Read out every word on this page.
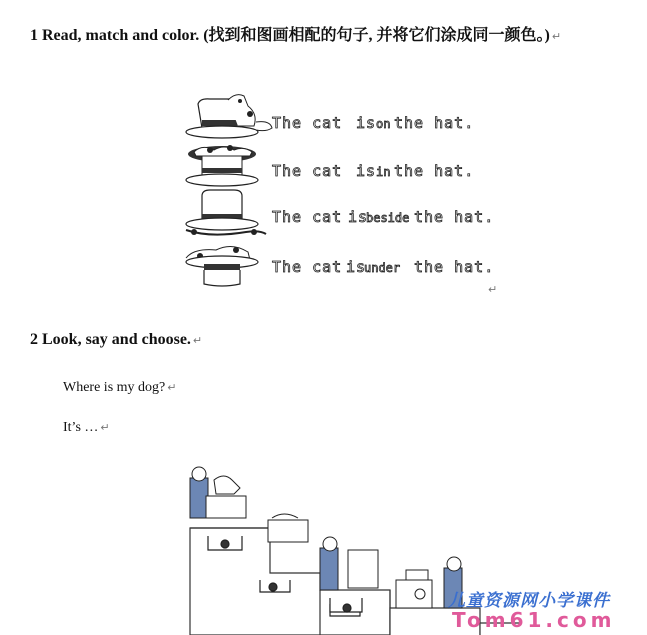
1 Read, match and color. (找到和图画相配的句子, 并将它们涂成同一颜色。) ↵
The cat is on the hat.
The cat is in the hat.
The cat is
beside the hat.
The cat is
under the hat.
↵
2 Look, say and choose. ↵
Where is my dog? ↵
It’s … ↵
儿童资源网小学课件
Tom61.com
